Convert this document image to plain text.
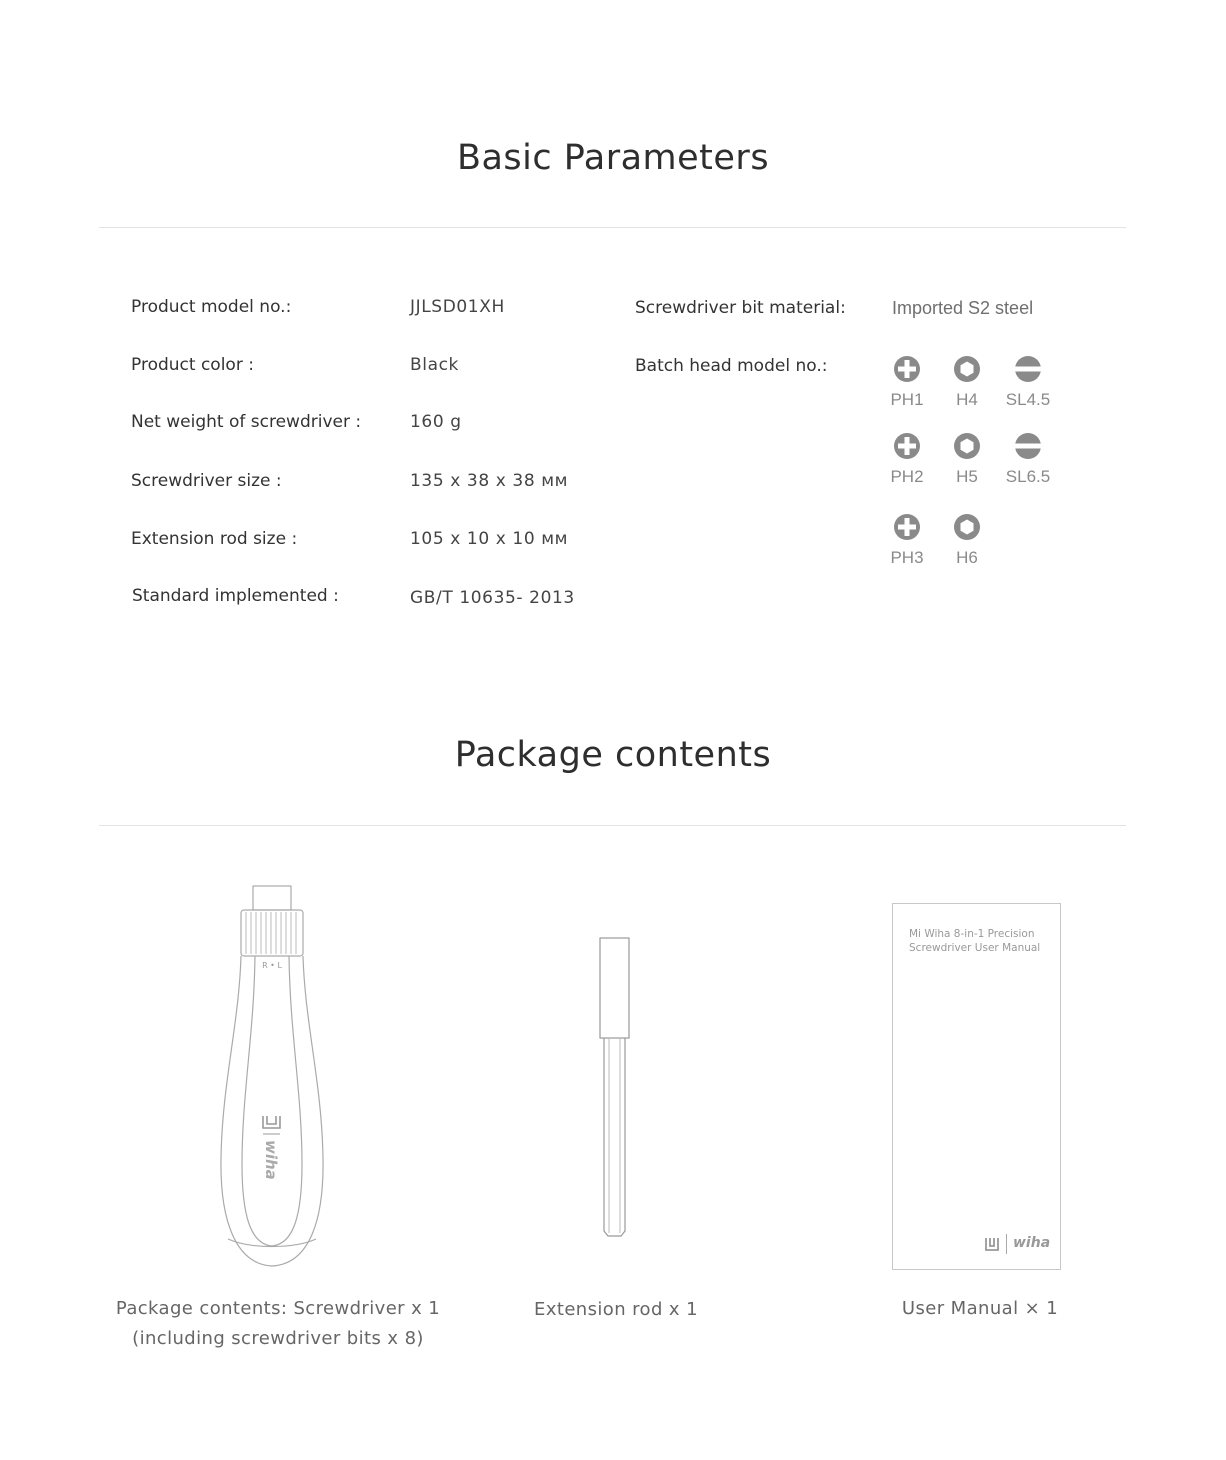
Basic Parameters
Product model no.:	JJLSD01XH
Product color :	Black
Net weight of screwdriver :	160 g
Screwdriver size :	135 x 38 x 38 мм
Extension rod size :	105 x 10 x 10 мм
Standard implemented :	GB/T 10635- 2013
Screwdriver bit material:	Imported S2 steel
Batch head model no.:
PH1	H4	SL4.5
PH2	H5	SL6.5
PH3	H6
Package contents
R • L
wiha
Mi Wiha 8-in-1 Precision
Screwdriver User Manual
wiha
Package contents: Screwdriver x 1
(including screwdriver bits x 8)
Extension rod x 1	User Manual × 1
